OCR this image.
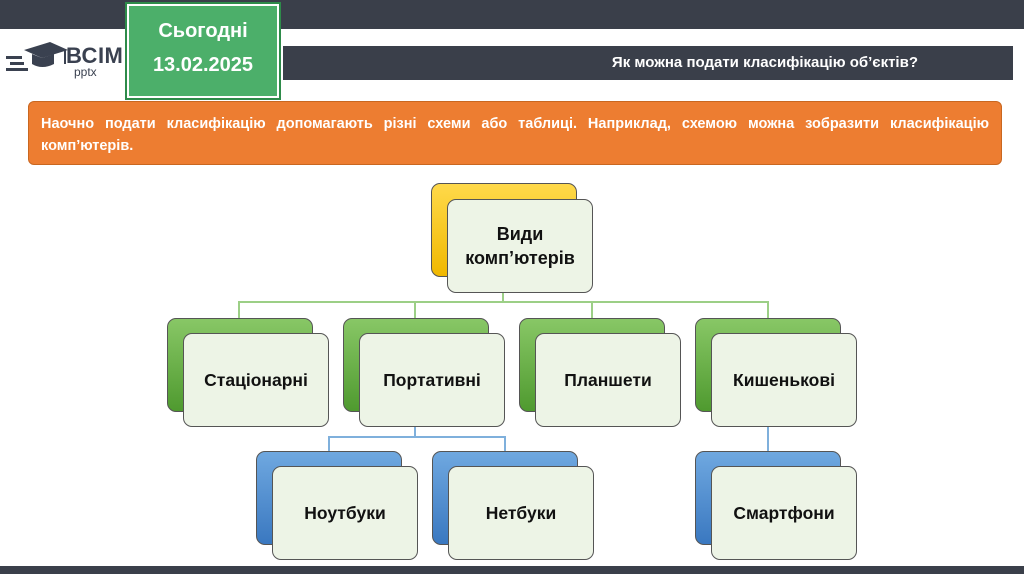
ВСІМ
pptx
Сьогодні
13.02.2025	Як можна подати класифікацію об’єктів?

Наочно подати класифікацію допомагають різні схеми або таблиці. Наприклад, схемою можна зобразити класифікацію комп’ютерів.

Види комп’ютерів
Стаціонарні	Портативні	Планшети	Кишенькові
Ноутбуки	Нетбуки	Смартфони
